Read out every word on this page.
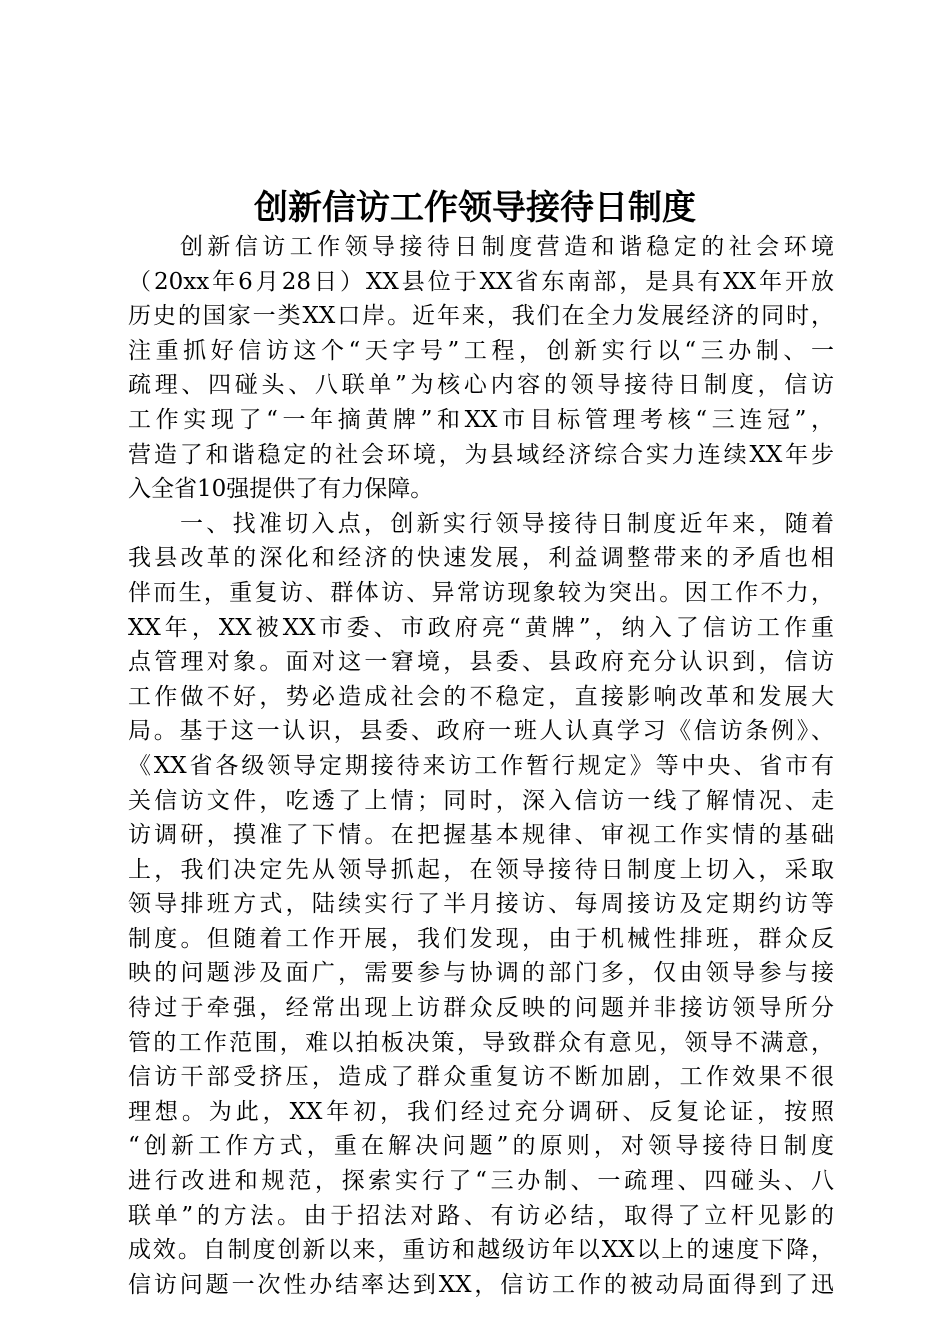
创新信访工作领导接待日制度
创新信访工作领导接待日制度营造和谐稳定的社会环境
（20xx年6月28日）XX县位于XX省东南部，是具有XX年开放
历史的国家一类XX口岸。近年来，我们在全力发展经济的同时，
注重抓好信访这个“天字号”工程，创新实行以“三办制、一
疏理、四碰头、八联单”为核心内容的领导接待日制度，信访
工作实现了“一年摘黄牌”和XX市目标管理考核“三连冠”，
营造了和谐稳定的社会环境，为县域经济综合实力连续XX年步
入全省10强提供了有力保障。
一、找准切入点，创新实行领导接待日制度近年来，随着
我县改革的深化和经济的快速发展，利益调整带来的矛盾也相
伴而生，重复访、群体访、异常访现象较为突出。因工作不力，
XX年，XX被XX市委、市政府亮“黄牌”，纳入了信访工作重
点管理对象。面对这一窘境，县委、县政府充分认识到，信访
工作做不好，势必造成社会的不稳定，直接影响改革和发展大
局。基于这一认识，县委、政府一班人认真学习《信访条例》、
《XX省各级领导定期接待来访工作暂行规定》等中央、省市有
关信访文件，吃透了上情；同时，深入信访一线了解情况、走
访调研，摸准了下情。在把握基本规律、审视工作实情的基础
上，我们决定先从领导抓起，在领导接待日制度上切入，采取
领导排班方式，陆续实行了半月接访、每周接访及定期约访等
制度。但随着工作开展，我们发现，由于机械性排班，群众反
映的问题涉及面广，需要参与协调的部门多，仅由领导参与接
待过于牵强，经常出现上访群众反映的问题并非接访领导所分
管的工作范围，难以拍板决策，导致群众有意见，领导不满意，
信访干部受挤压，造成了群众重复访不断加剧，工作效果不很
理想。为此，XX年初，我们经过充分调研、反复论证，按照
“创新工作方式，重在解决问题”的原则，对领导接待日制度
进行改进和规范，探索实行了“三办制、一疏理、四碰头、八
联单”的方法。由于招法对路、有访必结，取得了立杆见影的
成效。自制度创新以来，重访和越级访年以XX以上的速度下降，
信访问题一次性办结率达到XX，信访工作的被动局面得到了迅
